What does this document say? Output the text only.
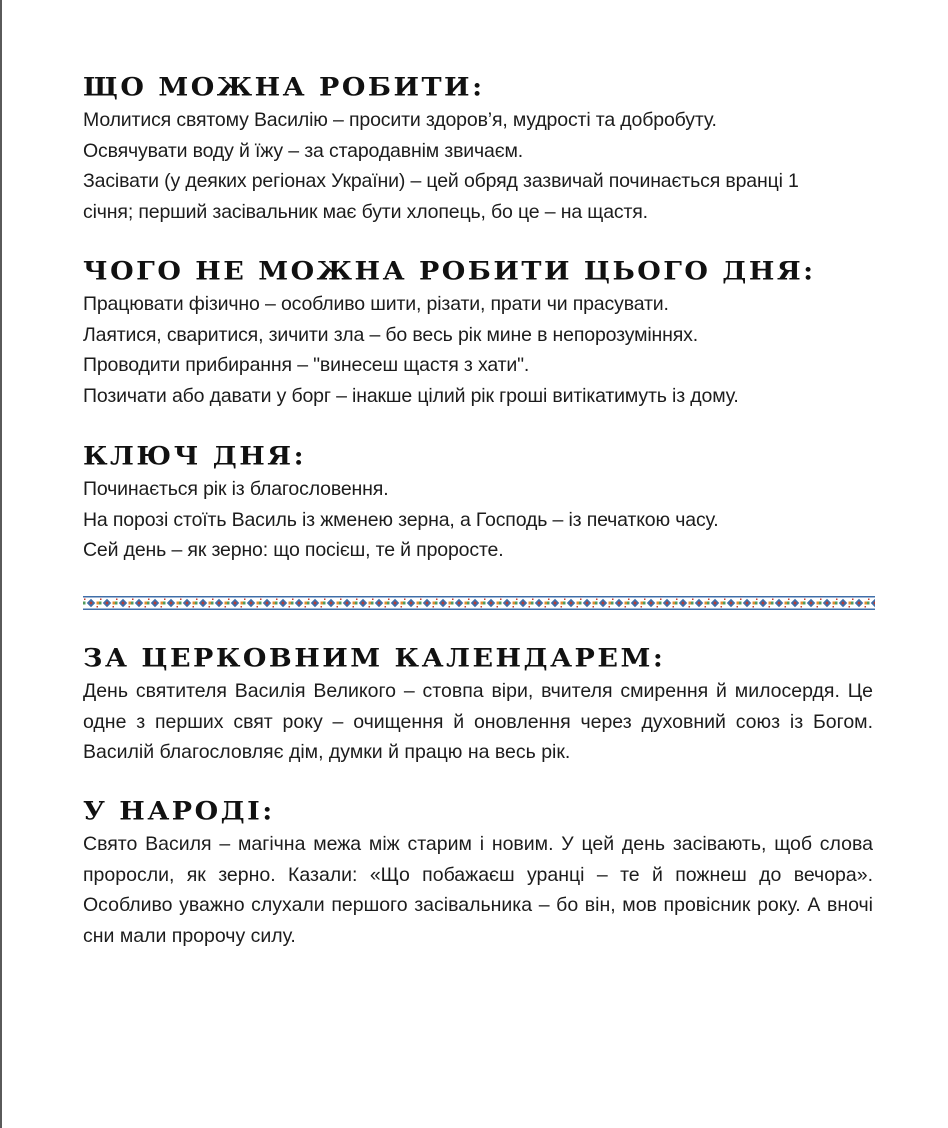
ЩО МОЖНА РОБИТИ:
Молитися святому Василію – просити здоров’я, мудрості та добробуту.
Освячувати воду й їжу – за стародавнім звичаєм.
Засівати (у деяких регіонах України) – цей обряд зазвичай починається вранці 1
січня; перший засівальник має бути хлопець, бо це – на щастя.
ЧОГО НЕ МОЖНА РОБИТИ ЦЬОГО ДНЯ:
Працювати фізично – особливо шити, різати, прати чи прасувати.
Лаятися, сваритися, зичити зла – бо весь рік мине в непорозуміннях.
Проводити прибирання – "винесеш щастя з хати".
Позичати або давати у борг – інакше цілий рік гроші витікатимуть із дому.
КЛЮЧ ДНЯ:
Починається рік із благословення.
На порозі стоїть Василь із жменею зерна, а Господь – із печаткою часу.
Сей день – як зерно: що посієш, те й проросте.
ЗА ЦЕРКОВНИМ КАЛЕНДАРЕМ:
День святителя Василія Великого – стовпа віри, вчителя смирення й милосердя. Це одне з перших свят року – очищення й оновлення через духовний союз із Богом. Василій благословляє дім, думки й працю на весь рік.
У НАРОДІ:
Свято Василя – магічна межа між старим і новим. У цей день засівають, щоб слова проросли, як зерно. Казали: «Що побажаєш уранці – те й пожнеш до вечора». Особливо уважно слухали першого засівальника – бо він, мов провісник року. А вночі сни мали пророчу силу.
